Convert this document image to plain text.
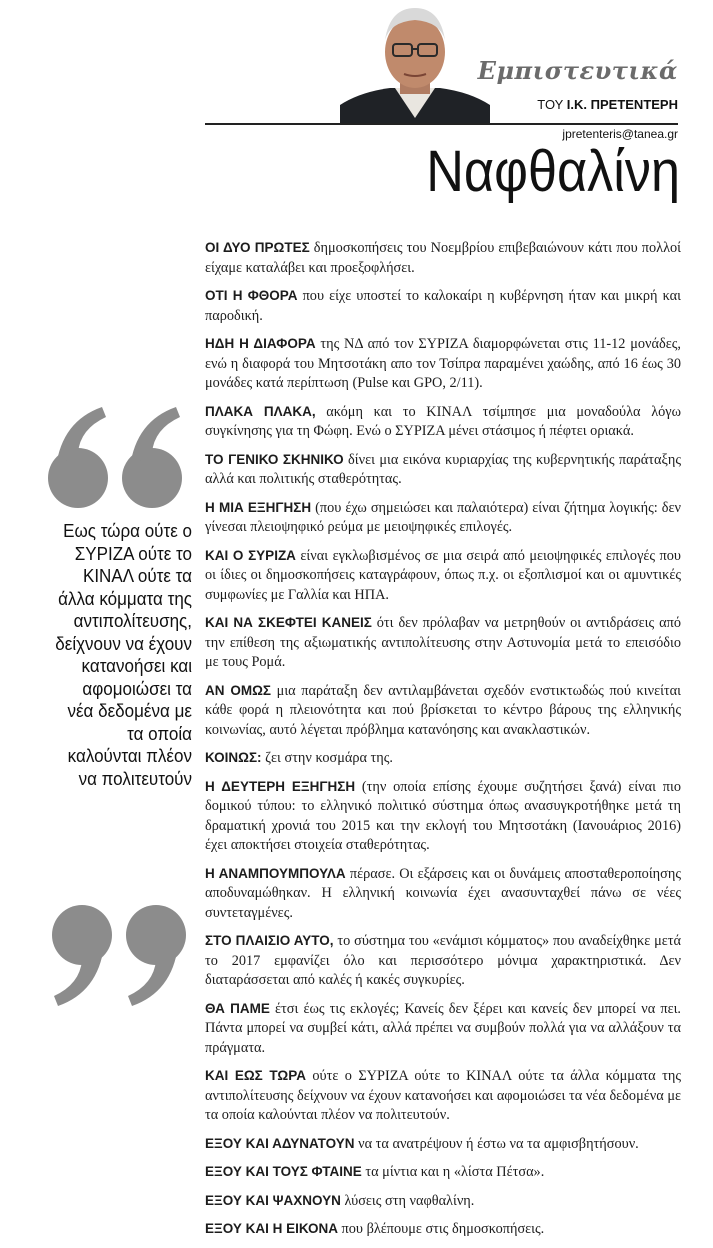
Εμπιστευτικά
ΤΟΥ Ι.Κ. ΠΡΕΤΕΝΤΕΡΗ
jpretenteris@tanea.gr
Ναφθαλίνη
Εως τώρα ούτε ο ΣΥΡΙΖΑ ούτε το ΚΙΝΑΛ ούτε τα άλλα κόμματα της αντιπολίτευσης, δείχνουν να έχουν κατανοήσει και αφομοιώσει τα νέα δεδομένα με τα οποία καλούνται πλέον να πολιτευτούν

ΟΙ ΔΥΟ ΠΡΩΤΕΣ δημοσκοπήσεις του Νοεμβρίου επιβεβαιώνουν κάτι που πολλοί είχαμε καταλάβει και προεξοφλήσει.

ΟΤΙ Η ΦΘΟΡΑ που είχε υποστεί το καλοκαίρι η κυβέρνηση ήταν και μικρή και παροδική.

ΗΔΗ Η ΔΙΑΦΟΡΑ της ΝΔ από τον ΣΥΡΙΖΑ διαμορφώνεται στις 11-12 μονάδες, ενώ η διαφορά του Μητσοτάκη απο τον Τσίπρα παραμένει χαώδης, από 16 έως 30 μονάδες κατά περίπτωση (Pulse και GPO, 2/11).

ΠΛΑΚΑ ΠΛΑΚΑ, ακόμη και το ΚΙΝΑΛ τσίμπησε μια μοναδούλα λόγω συγκίνησης για τη Φώφη. Ενώ ο ΣΥΡΙΖΑ μένει στάσιμος ή πέφτει οριακά.

ΤΟ ΓΕΝΙΚΟ ΣΚΗΝΙΚΟ δίνει μια εικόνα κυριαρχίας της κυβερνητικής παράταξης αλλά και πολιτικής σταθερότητας.

Η ΜΙΑ ΕΞΗΓΗΣΗ (που έχω σημειώσει και παλαιότερα) είναι ζήτημα λογικής: δεν γίνεσαι πλειοψηφικό ρεύμα με μειοψηφικές επιλογές.

ΚΑΙ Ο ΣΥΡΙΖΑ είναι εγκλωβισμένος σε μια σειρά από μειοψηφικές επιλογές που οι ίδιες οι δημοσκοπήσεις καταγράφουν, όπως π.χ. οι εξοπλισμοί και οι αμυντικές συμφωνίες με Γαλλία και ΗΠΑ.

ΚΑΙ ΝΑ ΣΚΕΦΤΕΙ ΚΑΝΕΙΣ ότι δεν πρόλαβαν να μετρηθούν οι αντιδράσεις από την επίθεση της αξιωματικής αντιπολίτευσης στην Αστυνομία μετά το επεισόδιο με τους Ρομά.

ΑΝ ΟΜΩΣ μια παράταξη δεν αντιλαμβάνεται σχεδόν ενστικτωδώς πού κινείται κάθε φορά η πλειονότητα και πού βρίσκεται το κέντρο βάρους της ελληνικής κοινωνίας, αυτό λέγεται πρόβλημα κατανόησης και ανακλαστικών.

ΚΟΙΝΩΣ: ζει στην κοσμάρα της.

Η ΔΕΥΤΕΡΗ ΕΞΗΓΗΣΗ (την οποία επίσης έχουμε συζητήσει ξανά) είναι πιο δομικού τύπου: το ελληνικό πολιτικό σύστημα όπως ανασυγκροτήθηκε μετά τη δραματική χρονιά του 2015 και την εκλογή του Μητσοτάκη (Ιανουάριος 2016) έχει αποκτήσει στοιχεία σταθερότητας.

Η ΑΝΑΜΠΟΥΜΠΟΥΛΑ πέρασε. Οι εξάρσεις και οι δυνάμεις αποσταθεροποίησης αποδυναμώθηκαν. Η ελληνική κοινωνία έχει ανασυνταχθεί πάνω σε νέες συντεταγμένες.

ΣΤΟ ΠΛΑΙΣΙΟ ΑΥΤΟ, το σύστημα του «ενάμισι κόμματος» που αναδείχθηκε μετά το 2017 εμφανίζει όλο και περισσότερο μόνιμα χαρακτηριστικά. Δεν διαταράσσεται από καλές ή κακές συγκυρίες.

ΘΑ ΠΑΜΕ έτσι έως τις εκλογές; Κανείς δεν ξέρει και κανείς δεν μπορεί να πει. Πάντα μπορεί να συμβεί κάτι, αλλά πρέπει να συμβούν πολλά για να αλλάξουν τα πράγματα.

ΚΑΙ ΕΩΣ ΤΩΡΑ ούτε ο ΣΥΡΙΖΑ ούτε το ΚΙΝΑΛ ούτε τα άλλα κόμματα της αντιπολίτευσης δείχνουν να έχουν κατανοήσει και αφομοιώσει τα νέα δεδομένα με τα οποία καλούνται πλέον να πολιτευτούν.

ΕΞΟΥ ΚΑΙ ΑΔΥΝΑΤΟΥΝ να τα ανατρέψουν ή έστω να τα αμφισβητήσουν.

ΕΞΟΥ ΚΑΙ ΤΟΥΣ ΦΤΑΙΝΕ τα μίντια και η «λίστα Πέτσα».

ΕΞΟΥ ΚΑΙ ΨΑΧΝΟΥΝ λύσεις στη ναφθαλίνη.

ΕΞΟΥ ΚΑΙ Η ΕΙΚΟΝΑ που βλέπουμε στις δημοσκοπήσεις.
